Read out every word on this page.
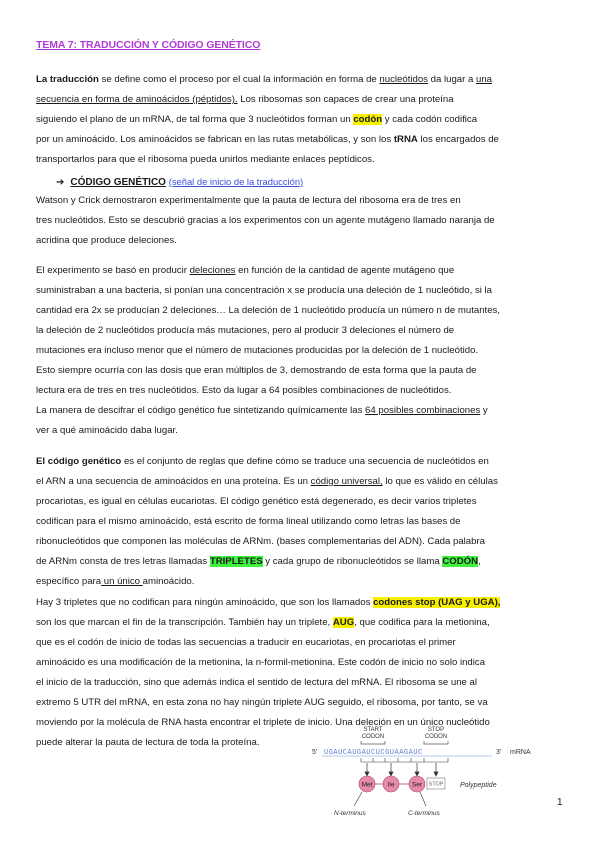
TEMA 7: TRADUCCIÓN Y CÓDIGO GENÉTICO
La traducción se define como el proceso por el cual la información en forma de nucleótidos da lugar a una
secuencia en forma de aminoácidos (péptidos). Los ribosomas son capaces de crear una proteína
siguiendo el plano de un mRNA, de tal forma que 3 nucleótidos forman un codón y cada codón codifica
por un aminoácido. Los aminoácidos se fabrican en las rutas metabólicas, y son los tRNA los encargados de
transportarlos para que el ribosoma pueda unirlos mediante enlaces peptídicos.
➔ CÓDIGO GENÉTICO (señal de inicio de la traducción)
Watson y Crick demostraron experimentalmente que la pauta de lectura del ribosoma era de tres en
tres nucleótidos. Esto se descubrió gracias a los experimentos con un agente mutágeno llamado naranja de
acridina que produce deleciones.
El experimento se basó en producir deleciones en función de la cantidad de agente mutágeno que
suministraban a una bacteria, si ponían una concentración x se producía una deleción de 1 nucleótido, si la
cantidad era 2x se producían 2 deleciones… La deleción de 1 nucleótido producía un número n de mutantes,
la deleción de 2 nucleótidos producía más mutaciones, pero al producir 3 deleciones el número de
mutaciones era incluso menor que el número de mutaciones producidas por la deleción de 1 nucleótido.
Esto siempre ocurría con las dosis que eran múltiplos de 3, demostrando de esta forma que la pauta de
lectura era de tres en tres nucleótidos. Esto da lugar a 64 posibles combinaciones de nucleótidos.
La manera de descifrar el código genético fue sintetizando químicamente las 64 posibles combinaciones y
ver a qué aminoácido daba lugar.
El código genético es el conjunto de reglas que define cómo se traduce una secuencia de nucleótidos en
el ARN a una secuencia de aminoácidos en una proteína. Es un código universal, lo que es válido en células
procariotas, es igual en células eucariotas. El código genético está degenerado, es decir varios tripletes
codifican para el mismo aminoácido, está escrito de forma lineal utilizando como letras las bases de
ribonucleótidos que componen las moléculas de ARNm. (bases complementarias del ADN). Cada palabra
de ARNm consta de tres letras llamadas TRIPLETES y cada grupo de ribonucleótidos se llama CODÓN,
específico para un único aminoácido.
Hay 3 tripletes que no codifican para ningún aminoácido, que son los llamados codones stop (UAG y UGA),
son los que marcan el fin de la transcripción. También hay un triplete, AUG, que codifica para la metionina,
que es el codón de inicio de todas las secuencias a traducir en eucariotas, en procariotas el primer
aminoácido es una modificación de la metionina, la n-formil-metionina. Este codón de inicio no solo indica
el inicio de la traducción, sino que además indica el sentido de lectura del mRNA. El ribosoma se une al
extremo 5 UTR del mRNA, en esta zona no hay ningún triplete AUG seguido, el ribosoma, por tanto, se va
moviendo por la molécula de RNA hasta encontrar el triplete de inicio. Una deleción en un único nucleótido
puede alterar la pauta de lectura de toda la proteína.
START
CODON
STOP
CODON
5' UGAUCAUGAUCUCGUAAGAUC	3' mRNA
Met Ile	Ser STOP Polypeptide
N-terminus	C-terminus
1
